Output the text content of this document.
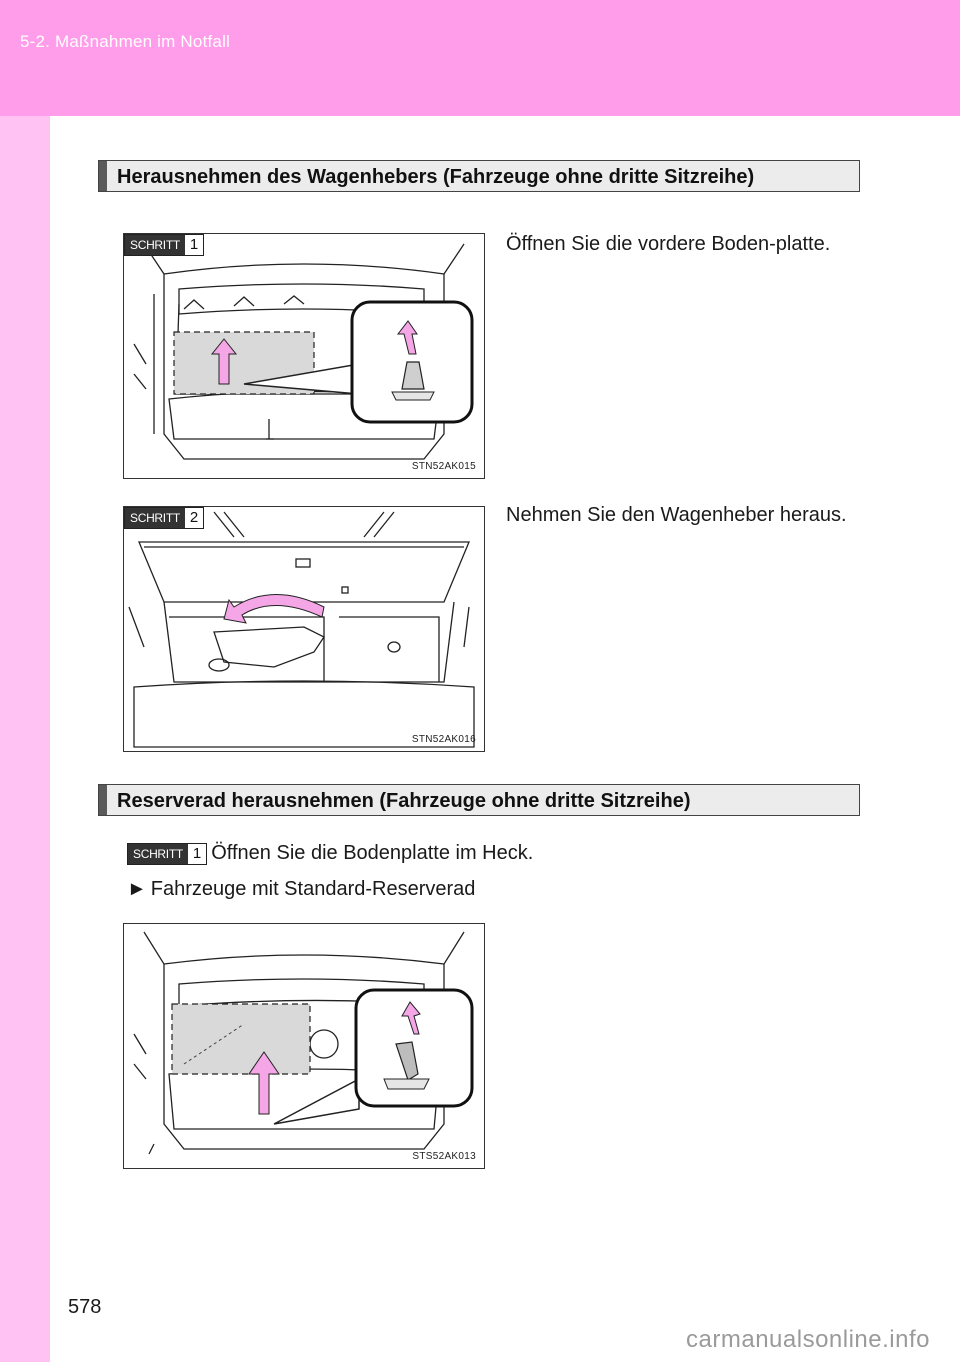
5-2. Maßnahmen im Notfall
Herausnehmen des Wagenhebers (Fahrzeuge ohne dritte Sitzreihe)
SCHRITT 1
STN52AK015
Öffnen Sie die vordere Boden-platte.
SCHRITT 2
STN52AK016
Nehmen Sie den Wagenheber heraus.
Reserverad herausnehmen (Fahrzeuge ohne dritte Sitzreihe)
SCHRITT 1 Öffnen Sie die Bodenplatte im Heck.
► Fahrzeuge mit Standard-Reserverad
STS52AK013
578
carmanualsonline.info
